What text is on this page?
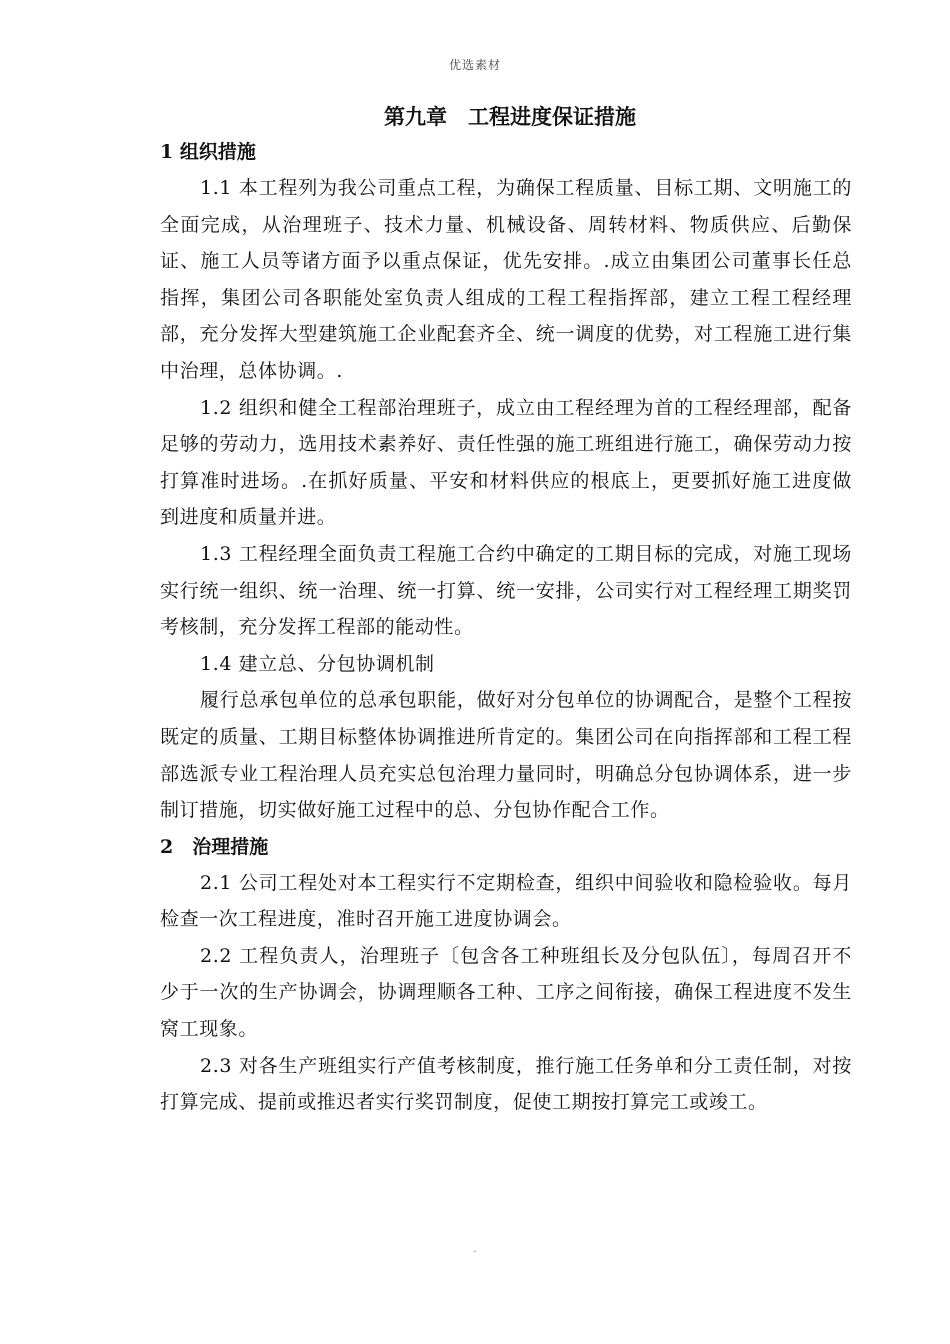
优选素材
第九章　工程进度保证措施
1 组织措施

1.1 本工程列为我公司重点工程，为确保工程质量、目标工期、文明施工的全面完成，从治理班子、技术力量、机械设备、周转材料、物质供应、后勤保证、施工人员等诸方面予以重点保证，优先安排。.成立由集团公司董事长任总指挥，集团公司各职能处室负责人组成的工程工程指挥部，建立工程工程经理部，充分发挥大型建筑施工企业配套齐全、统一调度的优势，对工程施工进行集中治理，总体协调。.

1.2 组织和健全工程部治理班子，成立由工程经理为首的工程经理部，配备足够的劳动力，选用技术素养好、责任性强的施工班组进行施工，确保劳动力按打算准时进场。.在抓好质量、平安和材料供应的根底上，更要抓好施工进度做到进度和质量并进。

1.3 工程经理全面负责工程施工合约中确定的工期目标的完成，对施工现场实行统一组织、统一治理、统一打算、统一安排，公司实行对工程经理工期奖罚考核制，充分发挥工程部的能动性。

1.4 建立总、分包协调机制

履行总承包单位的总承包职能，做好对分包单位的协调配合，是整个工程按既定的质量、工期目标整体协调推进所肯定的。集团公司在向指挥部和工程工程部选派专业工程治理人员充实总包治理力量同时，明确总分包协调体系，进一步制订措施，切实做好施工过程中的总、分包协作配合工作。

2　治理措施

2.1 公司工程处对本工程实行不定期检查，组织中间验收和隐检验收。每月检查一次工程进度，准时召开施工进度协调会。

2.2 工程负责人，治理班子〔包含各工种班组长及分包队伍〕，每周召开不少于一次的生产协调会，协调理顺各工种、工序之间衔接，确保工程进度不发生窝工现象。

2.3 对各生产班组实行产值考核制度，推行施工任务单和分工责任制，对按打算完成、提前或推迟者实行奖罚制度，促使工期按打算完工或竣工。

.
